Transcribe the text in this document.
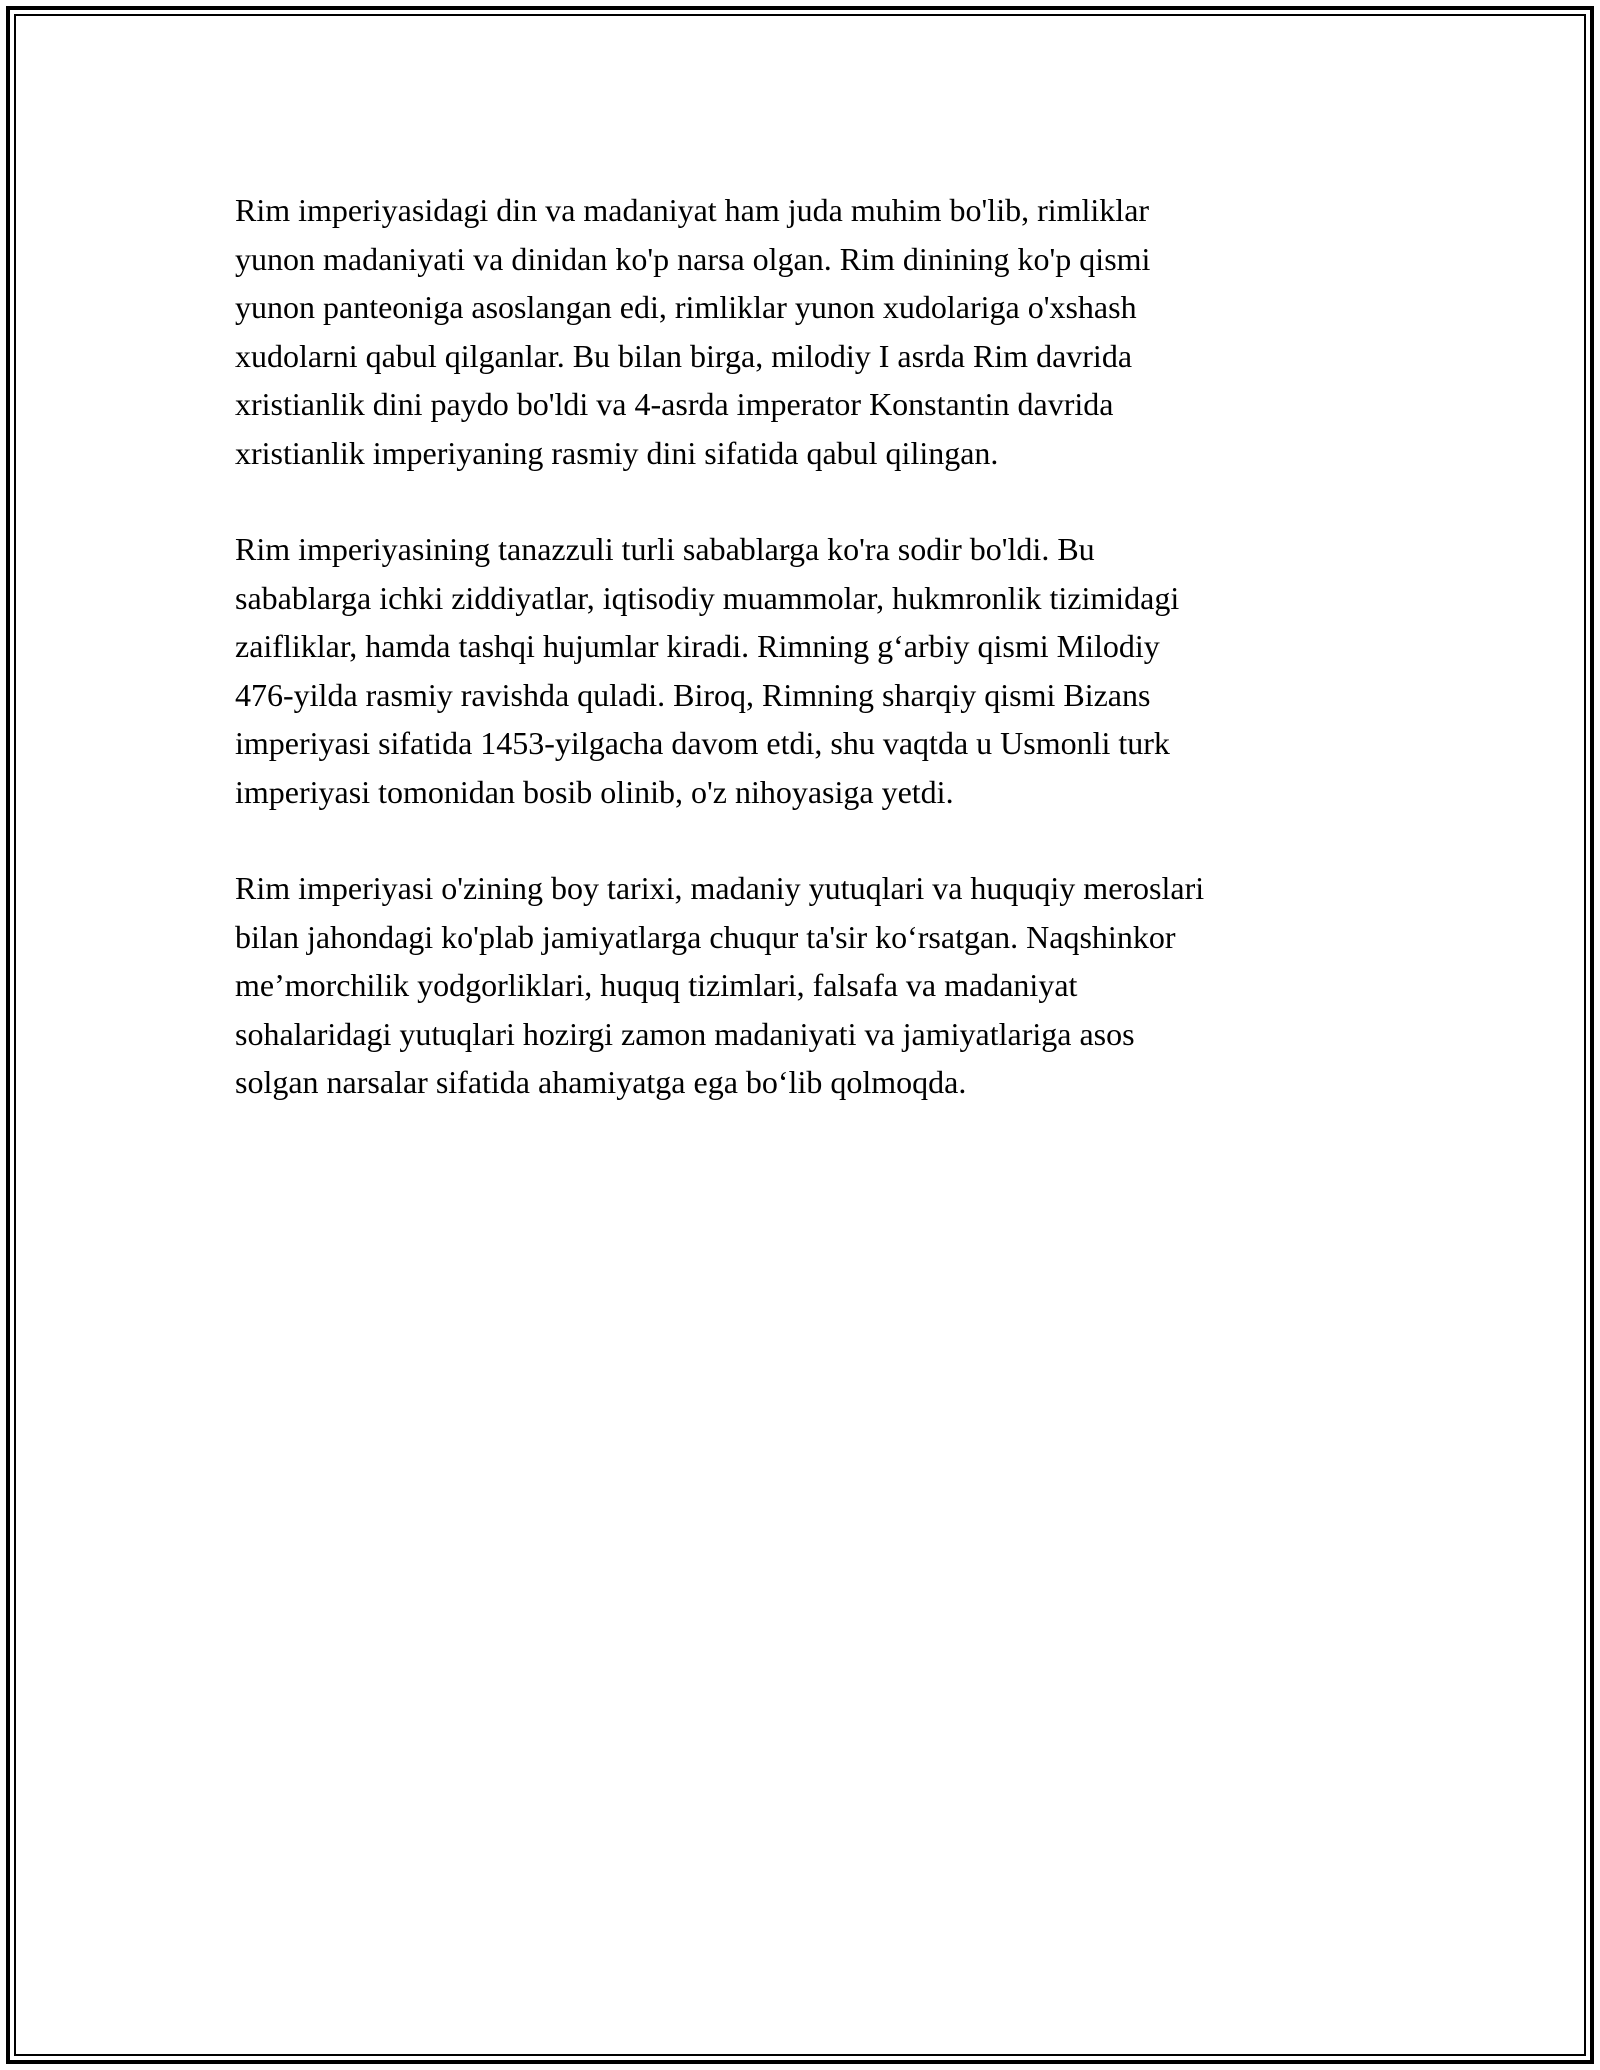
Rim imperiyasidagi din va madaniyat ham juda muhim bo'lib, rimliklar
yunon madaniyati va dinidan ko'p narsa olgan. Rim dinining ko'p qismi
yunon panteoniga asoslangan edi, rimliklar yunon xudolariga o'xshash
xudolarni qabul qilganlar. Bu bilan birga, milodiy I asrda Rim davrida
xristianlik dini paydo bo'ldi va 4-asrda imperator Konstantin davrida
xristianlik imperiyaning rasmiy dini sifatida qabul qilingan.

Rim imperiyasining tanazzuli turli sabablarga ko'ra sodir bo'ldi. Bu
sabablarga ichki ziddiyatlar, iqtisodiy muammolar, hukmronlik tizimidagi
zaifliklar, hamda tashqi hujumlar kiradi. Rimning g‘arbiy qismi Milodiy
476-yilda rasmiy ravishda quladi. Biroq, Rimning sharqiy qismi Bizans
imperiyasi sifatida 1453-yilgacha davom etdi, shu vaqtda u Usmonli turk
imperiyasi tomonidan bosib olinib, o'z nihoyasiga yetdi.

Rim imperiyasi o'zining boy tarixi, madaniy yutuqlari va huquqiy meroslari
bilan jahondagi ko'plab jamiyatlarga chuqur ta'sir ko‘rsatgan. Naqshinkor
me’morchilik yodgorliklari, huquq tizimlari, falsafa va madaniyat
sohalaridagi yutuqlari hozirgi zamon madaniyati va jamiyatlariga asos
solgan narsalar sifatida ahamiyatga ega bo‘lib qolmoqda.
